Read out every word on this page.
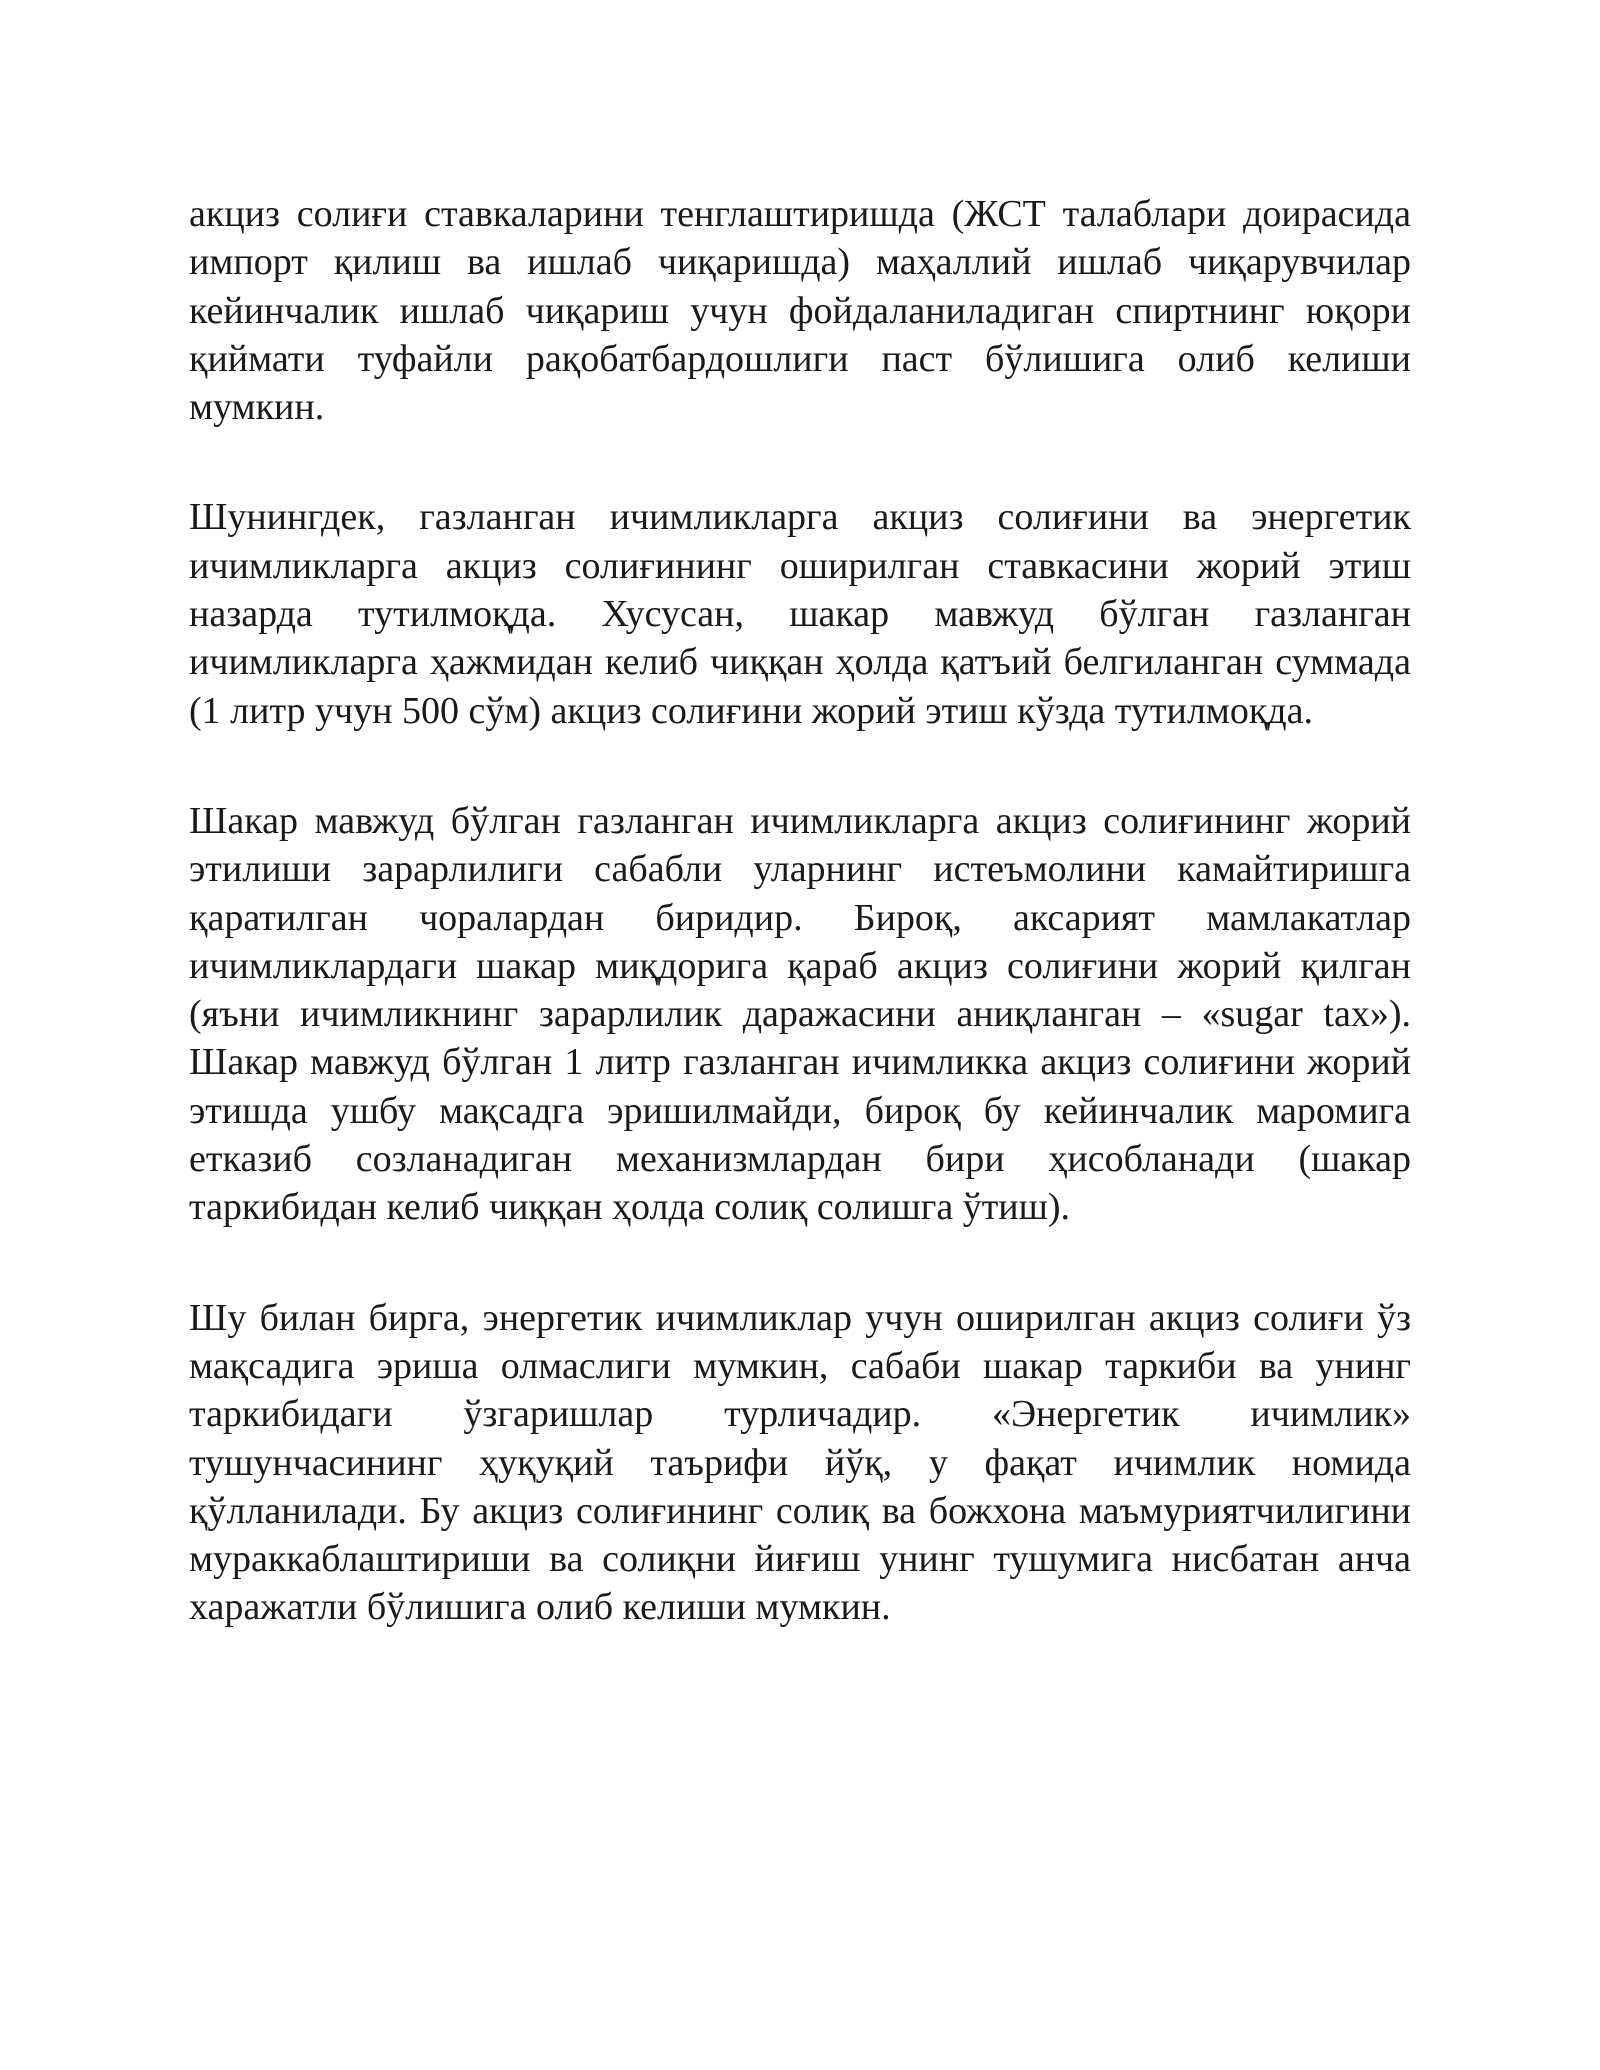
акциз солиғи ставкаларини тенглаштиришда (ЖСТ талаблари доирасида импорт қилиш ва ишлаб чиқаришда) маҳаллий ишлаб чиқарувчилар кейинчалик ишлаб чиқариш учун фойдаланиладиган спиртнинг юқори қиймати туфайли рақобатбардошлиги паст бўлишига олиб келиши мумкин.

Шунингдек, газланган ичимликларга акциз солиғини ва энергетик ичимликларга акциз солиғининг оширилган ставкасини жорий этиш назарда тутилмоқда. Хусусан, шакар мавжуд бўлган газланган ичимликларга ҳажмидан келиб чиққан ҳолда қатъий белгиланган суммада (1 литр учун 500 сўм) акциз солиғини жорий этиш кўзда тутилмоқда.

Шакар мавжуд бўлган газланган ичимликларга акциз солиғининг жорий этилиши зарарлилиги сабабли уларнинг истеъмолини камайтиришга қаратилган чоралардан биридир. Бироқ, аксарият мамлакатлар ичимликлардаги шакар миқдорига қараб акциз солиғини жорий қилган (яъни ичимликнинг зарарлилик даражасини аниқланган – «sugar tax»). Шакар мавжуд бўлган 1 литр газланган ичимликка акциз солиғини жорий этишда ушбу мақсадга эришилмайди, бироқ бу кейинчалик маромига етказиб созланадиган механизмлардан бири ҳисобланади (шакар таркибидан келиб чиққан ҳолда солиқ солишга ўтиш).

Шу билан бирга, энергетик ичимликлар учун оширилган акциз солиғи ўз мақсадига эриша олмаслиги мумкин, сабаби шакар таркиби ва унинг таркибидаги ўзгаришлар турличадир. «Энергетик ичимлик» тушунчасининг ҳуқуқий таърифи йўқ, у фақат ичимлик номида қўлланилади. Бу акциз солиғининг солиқ ва божхона маъмуриятчилигини мураккаблаштириши ва солиқни йиғиш унинг тушумига нисбатан анча харажатли бўлишига олиб келиши мумкин.
